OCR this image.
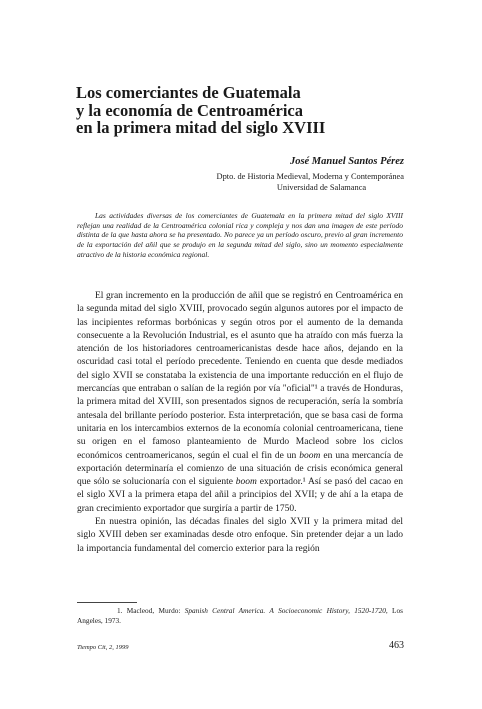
Los comerciantes de Guatemala
y la economía de Centroamérica
en la primera mitad del siglo XVIII
José Manuel Santos Pérez
Dpto. de Historia Medieval, Moderna y Contemporánea
Universidad de Salamanca
Las actividades diversas de los comerciantes de Guatemala en la primera mitad del siglo XVIII reflejan una realidad de la Centroamérica colonial rica y compleja y nos dan una imagen de este período distinta de la que hasta ahora se ha presentado. No parece ya un período oscuro, previo al gran incremento de la exportación del añil que se produjo en la segunda mitad del siglo, sino un momento especialmente atractivo de la historia económica regional.

El gran incremento en la producción de añil que se registró en Centroamérica en la segunda mitad del siglo XVIII, provocado según algunos autores por el impacto de las incipientes reformas borbónicas y según otros por el aumento de la demanda consecuente a la Revolución Industrial, es el asunto que ha atraído con más fuerza la atención de los historiadores centroamericanistas desde hace años, dejando en la oscuridad casi total el período precedente. Teniendo en cuenta que desde mediados del siglo XVII se constataba la existencia de una importante reducción en el flujo de mercancías que entraban o salían de la región por vía "oficial"¹ a través de Honduras, la primera mitad del XVIII, son presentados signos de recuperación, sería la sombría antesala del brillante período posterior. Esta interpretación, que se basa casi de forma unitaria en los intercambios externos de la economía colonial centroamericana, tiene su origen en el famoso planteamiento de Murdo Macleod sobre los ciclos económicos centroamericanos, según el cual el fin de un boom en una mercancía de exportación determinaría el comienzo de una situación de crisis económica general que sólo se solucionaría con el siguiente boom exportador.¹ Así se pasó del cacao en el siglo XVI a la primera etapa del añil a principios del XVII; y de ahí a la etapa de gran crecimiento exportador que surgiría a partir de 1750.

En nuestra opinión, las décadas finales del siglo XVII y la primera mitad del siglo XVIII deben ser examinadas desde otro enfoque. Sin pretender dejar a un lado la importancia fundamental del comercio exterior para la región

1. Macleod, Murdo: Spanish Central America. A Socioeconomic History, 1520-1720, Los Angeles, 1973.
Tiempo Cit, 2, 1999	463
